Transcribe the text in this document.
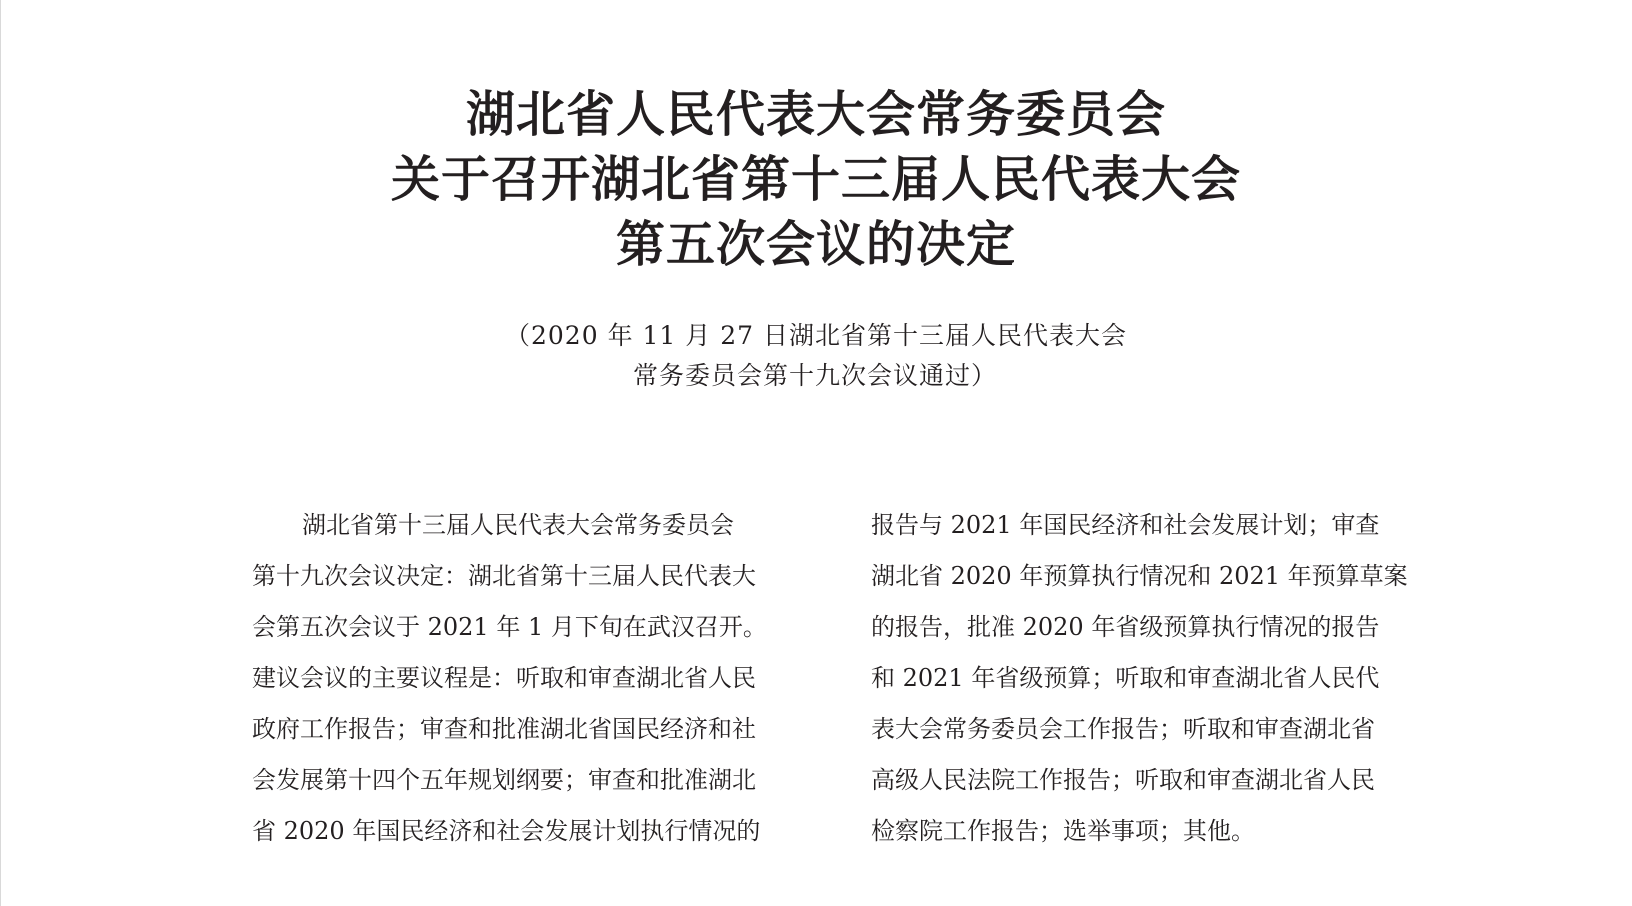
湖北省人民代表大会常务委员会
关于召开湖北省第十三届人民代表大会
第五次会议的决定
（2020 年 11 月 27 日湖北省第十三届人民代表大会
常务委员会第十九次会议通过）
湖北省第十三届人民代表大会常务委员会
第十九次会议决定：湖北省第十三届人民代表大
会第五次会议于 2021 年 1 月下旬在武汉召开。
建议会议的主要议程是：听取和审查湖北省人民
政府工作报告；审查和批准湖北省国民经济和社
会发展第十四个五年规划纲要；审查和批准湖北
省 2020 年国民经济和社会发展计划执行情况的
报告与 2021 年国民经济和社会发展计划；审查
湖北省 2020 年预算执行情况和 2021 年预算草案
的报告，批准 2020 年省级预算执行情况的报告
和 2021 年省级预算；听取和审查湖北省人民代
表大会常务委员会工作报告；听取和审查湖北省
高级人民法院工作报告；听取和审查湖北省人民
检察院工作报告；选举事项；其他。
